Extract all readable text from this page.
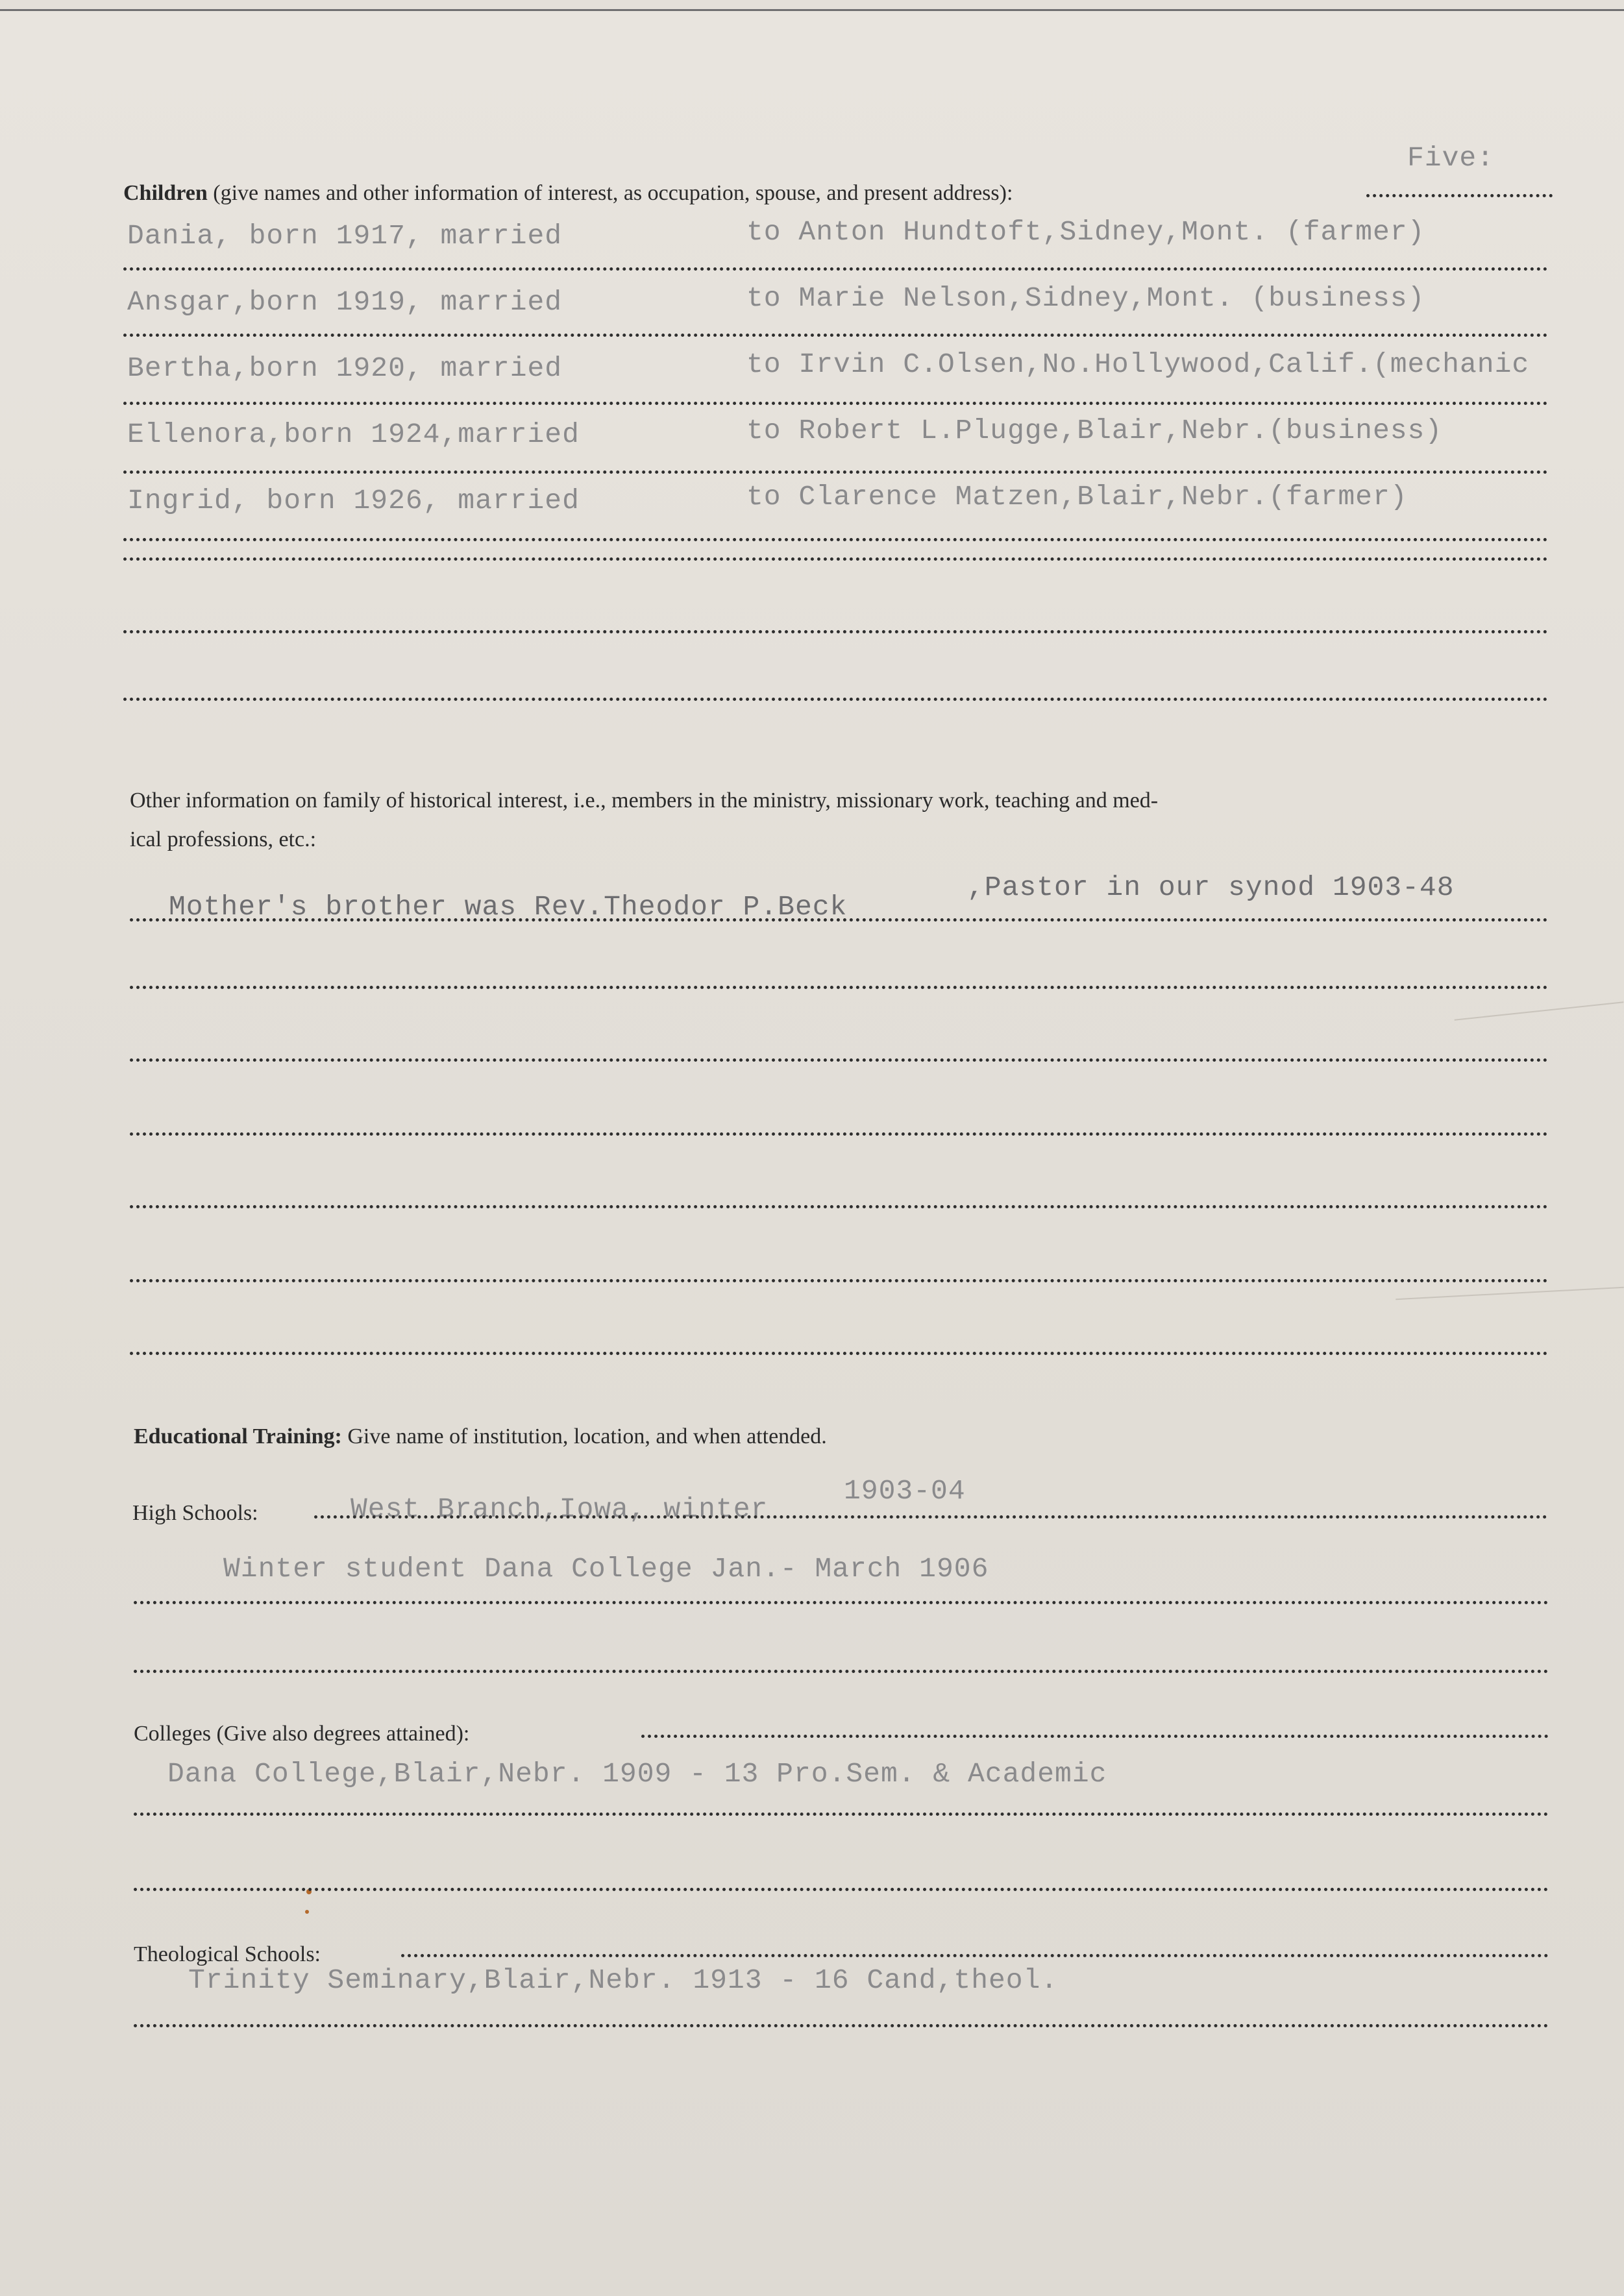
Five:
Children (give names and other information of interest, as occupation, spouse, and present address):
Dania, born 1917, married	to Anton Hundtoft,Sidney,Mont. (farmer)
Ansgar,born 1919, married	to Marie Nelson,Sidney,Mont. (business)
Bertha,born 1920, married	to Irvin C.Olsen,No.Hollywood,Calif.(mechanic
Ellenora,born 1924,married	to Robert L.Plugge,Blair,Nebr.(business)
Ingrid, born 1926, married	to Clarence Matzen,Blair,Nebr.(farmer)
Other information on family of historical interest, i.e., members in the ministry, missionary work, teaching and med-
ical professions, etc.:
Mother's brother was Rev.Theodor P.Beck
,Pastor in our synod 1903-48
Educational Training: Give name of institution, location, and when attended.
High Schools:	West Branch,Iowa, winter
1903-04
Winter student Dana College Jan.- March 1906
Colleges (Give also degrees attained):
Dana College,Blair,Nebr. 1909 - 13 Pro.Sem. & Academic
Theological Schools:
Trinity Seminary,Blair,Nebr. 1913 - 16 Cand,theol.
